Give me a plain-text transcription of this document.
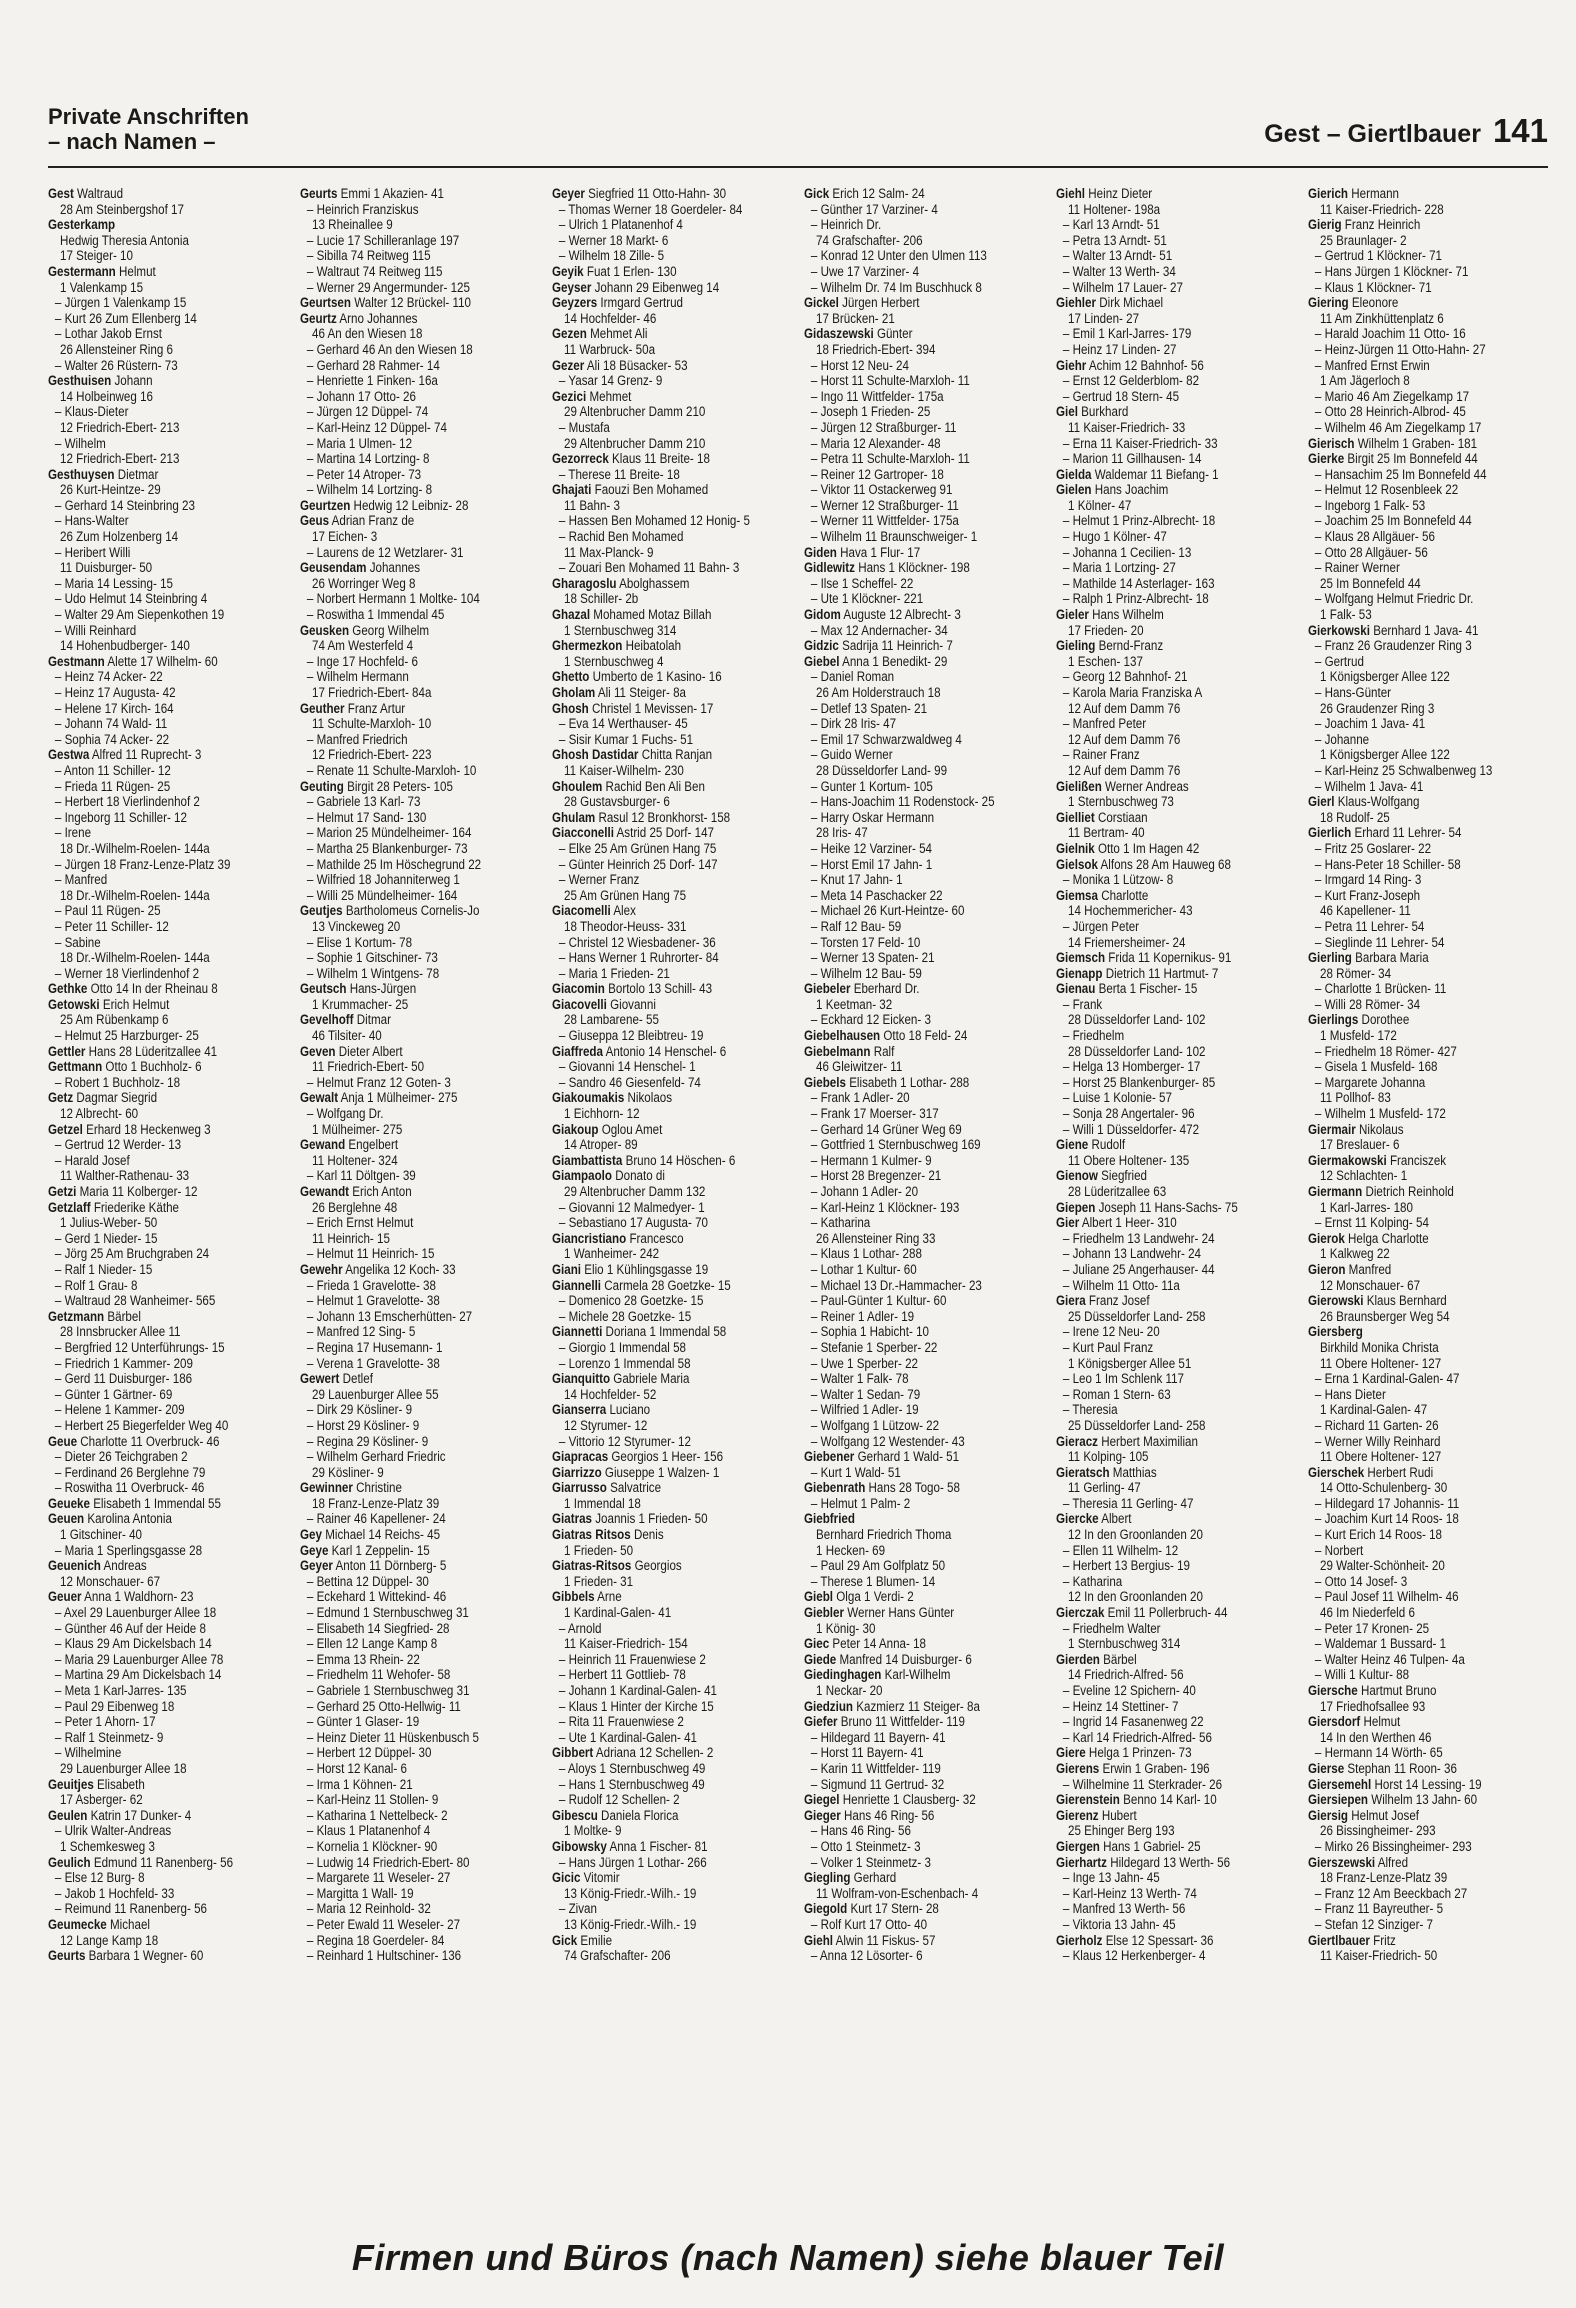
Private Anschriften
– nach Namen –	Gest – Giertlbauer 141
Gest Waltraud
28 Am Steinbergshof 17
Gesterkamp
Hedwig Theresia Antonia
17 Steiger- 10
Gestermann Helmut
1 Valenkamp 15
– Jürgen 1 Valenkamp 15
– Kurt 26 Zum Ellenberg 14
– Lothar Jakob Ernst
26 Allensteiner Ring 6
– Walter 26 Rüstern- 73
Gesthuisen Johann
14 Holbeinweg 16
– Klaus-Dieter
12 Friedrich-Ebert- 213
– Wilhelm
12 Friedrich-Ebert- 213
Gesthuysen Dietmar
26 Kurt-Heintze- 29
– Gerhard 14 Steinbring 23
– Hans-Walter
26 Zum Holzenberg 14
– Heribert Willi
11 Duisburger- 50
– Maria 14 Lessing- 15
– Udo Helmut 14 Steinbring 4
– Walter 29 Am Siepenkothen 19
– Willi Reinhard
14 Hohenbudberger- 140
Gestmann Alette 17 Wilhelm- 60
– Heinz 74 Acker- 22
– Heinz 17 Augusta- 42
– Helene 17 Kirch- 164
– Johann 74 Wald- 11
– Sophia 74 Acker- 22
Gestwa Alfred 11 Ruprecht- 3
– Anton 11 Schiller- 12
– Frieda 11 Rügen- 25
– Herbert 18 Vierlindenhof 2
– Ingeborg 11 Schiller- 12
– Irene
18 Dr.-Wilhelm-Roelen- 144a
– Jürgen 18 Franz-Lenze-Platz 39
– Manfred
18 Dr.-Wilhelm-Roelen- 144a
– Paul 11 Rügen- 25
– Peter 11 Schiller- 12
– Sabine
18 Dr.-Wilhelm-Roelen- 144a
– Werner 18 Vierlindenhof 2
Gethke Otto 14 In der Rheinau 8
Getowski Erich Helmut
25 Am Rübenkamp 6
– Helmut 25 Harzburger- 25
Gettler Hans 28 Lüderitzallee 41
Gettmann Otto 1 Buchholz- 6
– Robert 1 Buchholz- 18
Getz Dagmar Siegrid
12 Albrecht- 60
Getzel Erhard 18 Heckenweg 3
– Gertrud 12 Werder- 13
– Harald Josef
11 Walther-Rathenau- 33
Getzi Maria 11 Kolberger- 12
Getzlaff Friederike Käthe
1 Julius-Weber- 50
– Gerd 1 Nieder- 15
– Jörg 25 Am Bruchgraben 24
– Ralf 1 Nieder- 15
– Rolf 1 Grau- 8
– Waltraud 28 Wanheimer- 565
Getzmann Bärbel
28 Innsbrucker Allee 11
– Bergfried 12 Unterführungs- 15
– Friedrich 1 Kammer- 209
– Gerd 11 Duisburger- 186
– Günter 1 Gärtner- 69
– Helene 1 Kammer- 209
– Herbert 25 Biegerfelder Weg 40
Geue Charlotte 11 Overbruck- 46
– Dieter 26 Teichgraben 2
– Ferdinand 26 Berglehne 79
– Roswitha 11 Overbruck- 46
Geueke Elisabeth 1 Immendal 55
Geuen Karolina Antonia
1 Gitschiner- 40
– Maria 1 Sperlingsgasse 28
Geuenich Andreas
12 Monschauer- 67
Geuer Anna 1 Waldhorn- 23
– Axel 29 Lauenburger Allee 18
– Günther 46 Auf der Heide 8
– Klaus 29 Am Dickelsbach 14
– Maria 29 Lauenburger Allee 78
– Martina 29 Am Dickelsbach 14
– Meta 1 Karl-Jarres- 135
– Paul 29 Eibenweg 18
– Peter 1 Ahorn- 17
– Ralf 1 Steinmetz- 9
– Wilhelmine
29 Lauenburger Allee 18
Geuitjes Elisabeth
17 Asberger- 62
Geulen Katrin 17 Dunker- 4
– Ulrik Walter-Andreas
1 Schemkesweg 3
Geulich Edmund 11 Ranenberg- 56
– Else 12 Burg- 8
– Jakob 1 Hochfeld- 33
– Reimund 11 Ranenberg- 56
Geumecke Michael
12 Lange Kamp 18
Geurts Barbara 1 Wegner- 60
Geurts Emmi 1 Akazien- 41
– Heinrich Franziskus
13 Rheinallee 9
– Lucie 17 Schilleranlage 197
– Sibilla 74 Reitweg 115
– Waltraut 74 Reitweg 115
– Werner 29 Angermunder- 125
Geurtsen Walter 12 Brückel- 110
Geurtz Arno Johannes
46 An den Wiesen 18
– Gerhard 46 An den Wiesen 18
– Gerhard 28 Rahmer- 14
– Henriette 1 Finken- 16a
– Johann 17 Otto- 26
– Jürgen 12 Düppel- 74
– Karl-Heinz 12 Düppel- 74
– Maria 1 Ulmen- 12
– Martina 14 Lortzing- 8
– Peter 14 Atroper- 73
– Wilhelm 14 Lortzing- 8
Geurtzen Hedwig 12 Leibniz- 28
Geus Adrian Franz de
17 Eichen- 3
– Laurens de 12 Wetzlarer- 31
Geusendam Johannes
26 Worringer Weg 8
– Norbert Hermann 1 Moltke- 104
– Roswitha 1 Immendal 45
Geusken Georg Wilhelm
74 Am Westerfeld 4
– Inge 17 Hochfeld- 6
– Wilhelm Hermann
17 Friedrich-Ebert- 84a
Geuther Franz Artur
11 Schulte-Marxloh- 10
– Manfred Friedrich
12 Friedrich-Ebert- 223
– Renate 11 Schulte-Marxloh- 10
Geuting Birgit 28 Peters- 105
– Gabriele 13 Karl- 73
– Helmut 17 Sand- 130
– Marion 25 Mündelheimer- 164
– Martha 25 Blankenburger- 73
– Mathilde 25 Im Höschegrund 22
– Wilfried 18 Johanniterweg 1
– Willi 25 Mündelheimer- 164
Geutjes Bartholomeus Cornelis-Jo
13 Vinckeweg 20
– Elise 1 Kortum- 78
– Sophie 1 Gitschiner- 73
– Wilhelm 1 Wintgens- 78
Geutsch Hans-Jürgen
1 Krummacher- 25
Gevelhoff Ditmar
46 Tilsiter- 40
Geven Dieter Albert
11 Friedrich-Ebert- 50
– Helmut Franz 12 Goten- 3
Gewalt Anja 1 Mülheimer- 275
– Wolfgang Dr.
1 Mülheimer- 275
Gewand Engelbert
11 Holtener- 324
– Karl 11 Döltgen- 39
Gewandt Erich Anton
26 Berglehne 48
– Erich Ernst Helmut
11 Heinrich- 15
– Helmut 11 Heinrich- 15
Gewehr Angelika 12 Koch- 33
– Frieda 1 Gravelotte- 38
– Helmut 1 Gravelotte- 38
– Johann 13 Emscherhütten- 27
– Manfred 12 Sing- 5
– Regina 17 Husemann- 1
– Verena 1 Gravelotte- 38
Gewert Detlef
29 Lauenburger Allee 55
– Dirk 29 Kösliner- 9
– Horst 29 Kösliner- 9
– Regina 29 Kösliner- 9
– Wilhelm Gerhard Friedric
29 Kösliner- 9
Gewinner Christine
18 Franz-Lenze-Platz 39
– Rainer 46 Kapellener- 24
Gey Michael 14 Reichs- 45
Geye Karl 1 Zeppelin- 15
Geyer Anton 11 Dörnberg- 5
– Bettina 12 Düppel- 30
– Eckehard 1 Wittekind- 46
– Edmund 1 Sternbuschweg 31
– Elisabeth 14 Siegfried- 28
– Ellen 12 Lange Kamp 8
– Emma 13 Rhein- 22
– Friedhelm 11 Wehofer- 58
– Gabriele 1 Sternbuschweg 31
– Gerhard 25 Otto-Hellwig- 11
– Günter 1 Glaser- 19
– Heinz Dieter 11 Hüskenbusch 5
– Herbert 12 Düppel- 30
– Horst 12 Kanal- 6
– Irma 1 Köhnen- 21
– Karl-Heinz 11 Stollen- 9
– Katharina 1 Nettelbeck- 2
– Klaus 1 Platanenhof 4
– Kornelia 1 Klöckner- 90
– Ludwig 14 Friedrich-Ebert- 80
– Margarete 11 Weseler- 27
– Margitta 1 Wall- 19
– Maria 12 Reinhold- 32
– Peter Ewald 11 Weseler- 27
– Regina 18 Goerdeler- 84
– Reinhard 1 Hultschiner- 136
Geyer Siegfried 11 Otto-Hahn- 30
– Thomas Werner 18 Goerdeler- 84
– Ulrich 1 Platanenhof 4
– Werner 18 Markt- 6
– Wilhelm 18 Zille- 5
Geyik Fuat 1 Erlen- 130
Geyser Johann 29 Eibenweg 14
Geyzers Irmgard Gertrud
14 Hochfelder- 46
Gezen Mehmet Ali
11 Warbruck- 50a
Gezer Ali 18 Büsacker- 53
– Yasar 14 Grenz- 9
Gezici Mehmet
29 Altenbrucher Damm 210
– Mustafa
29 Altenbrucher Damm 210
Gezorreck Klaus 11 Breite- 18
– Therese 11 Breite- 18
Ghajati Faouzi Ben Mohamed
11 Bahn- 3
– Hassen Ben Mohamed 12 Honig- 5
– Rachid Ben Mohamed
11 Max-Planck- 9
– Zouari Ben Mohamed 11 Bahn- 3
Gharagoslu Abolghassem
18 Schiller- 2b
Ghazal Mohamed Motaz Billah
1 Sternbuschweg 314
Ghermezkon Heibatolah
1 Sternbuschweg 4
Ghetto Umberto de 1 Kasino- 16
Gholam Ali 11 Steiger- 8a
Ghosh Christel 1 Mevissen- 17
– Eva 14 Werthauser- 45
– Sisir Kumar 1 Fuchs- 51
Ghosh Dastidar Chitta Ranjan
11 Kaiser-Wilhelm- 230
Ghoulem Rachid Ben Ali Ben
28 Gustavsburger- 6
Ghulam Rasul 12 Bronkhorst- 158
Giacconelli Astrid 25 Dorf- 147
– Elke 25 Am Grünen Hang 75
– Günter Heinrich 25 Dorf- 147
– Werner Franz
25 Am Grünen Hang 75
Giacomelli Alex
18 Theodor-Heuss- 331
– Christel 12 Wiesbadener- 36
– Hans Werner 1 Ruhrorter- 84
– Maria 1 Frieden- 21
Giacomin Bortolo 13 Schill- 43
Giacovelli Giovanni
28 Lambarene- 55
– Giuseppa 12 Bleibtreu- 19
Giaffreda Antonio 14 Henschel- 6
– Giovanni 14 Henschel- 1
– Sandro 46 Giesenfeld- 74
Giakoumakis Nikolaos
1 Eichhorn- 12
Giakoup Oglou Amet
14 Atroper- 89
Giambattista Bruno 14 Höschen- 6
Giampaolo Donato di
29 Altenbrucher Damm 132
– Giovanni 12 Malmedyer- 1
– Sebastiano 17 Augusta- 70
Giancristiano Francesco
1 Wanheimer- 242
Giani Elio 1 Kühlingsgasse 19
Giannelli Carmela 28 Goetzke- 15
– Domenico 28 Goetzke- 15
– Michele 28 Goetzke- 15
Giannetti Doriana 1 Immendal 58
– Giorgio 1 Immendal 58
– Lorenzo 1 Immendal 58
Gianquitto Gabriele Maria
14 Hochfelder- 52
Gianserra Luciano
12 Styrumer- 12
– Vittorio 12 Styrumer- 12
Giapracas Georgios 1 Heer- 156
Giarrizzo Giuseppe 1 Walzen- 1
Giarrusso Salvatrice
1 Immendal 18
Giatras Joannis 1 Frieden- 50
Giatras Ritsos Denis
1 Frieden- 50
Giatras-Ritsos Georgios
1 Frieden- 31
Gibbels Arne
1 Kardinal-Galen- 41
– Arnold
11 Kaiser-Friedrich- 154
– Heinrich 11 Frauenwiese 2
– Herbert 11 Gottlieb- 78
– Johann 1 Kardinal-Galen- 41
– Klaus 1 Hinter der Kirche 15
– Rita 11 Frauenwiese 2
– Ute 1 Kardinal-Galen- 41
Gibbert Adriana 12 Schellen- 2
– Aloys 1 Sternbuschweg 49
– Hans 1 Sternbuschweg 49
– Rudolf 12 Schellen- 2
Gibescu Daniela Florica
1 Moltke- 9
Gibowsky Anna 1 Fischer- 81
– Hans Jürgen 1 Lothar- 266
Gicic Vitomir
13 König-Friedr.-Wilh.- 19
– Zivan
13 König-Friedr.-Wilh.- 19
Gick Emilie
74 Grafschafter- 206
Gick Erich 12 Salm- 24
– Günther 17 Varziner- 4
– Heinrich Dr.
74 Grafschafter- 206
– Konrad 12 Unter den Ulmen 113
– Uwe 17 Varziner- 4
– Wilhelm Dr. 74 Im Buschhuck 8
Gickel Jürgen Herbert
17 Brücken- 21
Gidaszewski Günter
18 Friedrich-Ebert- 394
– Horst 12 Neu- 24
– Horst 11 Schulte-Marxloh- 11
– Ingo 11 Wittfelder- 175a
– Joseph 1 Frieden- 25
– Jürgen 12 Straßburger- 11
– Maria 12 Alexander- 48
– Petra 11 Schulte-Marxloh- 11
– Reiner 12 Gartroper- 18
– Viktor 11 Ostackerweg 91
– Werner 12 Straßburger- 11
– Werner 11 Wittfelder- 175a
– Wilhelm 11 Braunschweiger- 1
Giden Hava 1 Flur- 17
Gidlewitz Hans 1 Klöckner- 198
– Ilse 1 Scheffel- 22
– Ute 1 Klöckner- 221
Gidom Auguste 12 Albrecht- 3
– Max 12 Andernacher- 34
Gidzic Sadrija 11 Heinrich- 7
Giebel Anna 1 Benedikt- 29
– Daniel Roman
26 Am Holderstrauch 18
– Detlef 13 Spaten- 21
– Dirk 28 Iris- 47
– Emil 17 Schwarzwaldweg 4
– Guido Werner
28 Düsseldorfer Land- 99
– Gunter 1 Kortum- 105
– Hans-Joachim 11 Rodenstock- 25
– Harry Oskar Hermann
28 Iris- 47
– Heike 12 Varziner- 54
– Horst Emil 17 Jahn- 1
– Knut 17 Jahn- 1
– Meta 14 Paschacker 22
– Michael 26 Kurt-Heintze- 60
– Ralf 12 Bau- 59
– Torsten 17 Feld- 10
– Werner 13 Spaten- 21
– Wilhelm 12 Bau- 59
Giebeler Eberhard Dr.
1 Keetman- 32
– Eckhard 12 Eicken- 3
Giebelhausen Otto 18 Feld- 24
Giebelmann Ralf
46 Gleiwitzer- 11
Giebels Elisabeth 1 Lothar- 288
– Frank 1 Adler- 20
– Frank 17 Moerser- 317
– Gerhard 14 Grüner Weg 69
– Gottfried 1 Sternbuschweg 169
– Hermann 1 Kulmer- 9
– Horst 28 Bregenzer- 21
– Johann 1 Adler- 20
– Karl-Heinz 1 Klöckner- 193
– Katharina
26 Allensteiner Ring 33
– Klaus 1 Lothar- 288
– Lothar 1 Kultur- 60
– Michael 13 Dr.-Hammacher- 23
– Paul-Günter 1 Kultur- 60
– Reiner 1 Adler- 19
– Sophia 1 Habicht- 10
– Stefanie 1 Sperber- 22
– Uwe 1 Sperber- 22
– Walter 1 Falk- 78
– Walter 1 Sedan- 79
– Wilfried 1 Adler- 19
– Wolfgang 1 Lützow- 22
– Wolfgang 12 Westender- 43
Giebener Gerhard 1 Wald- 51
– Kurt 1 Wald- 51
Giebenrath Hans 28 Togo- 58
– Helmut 1 Palm- 2
Giebfried
Bernhard Friedrich Thoma
1 Hecken- 69
– Paul 29 Am Golfplatz 50
– Therese 1 Blumen- 14
Giebl Olga 1 Verdi- 2
Giebler Werner Hans Günter
1 König- 30
Giec Peter 14 Anna- 18
Giede Manfred 14 Duisburger- 6
Giedinghagen Karl-Wilhelm
1 Neckar- 20
Giedziun Kazmierz 11 Steiger- 8a
Giefer Bruno 11 Wittfelder- 119
– Hildegard 11 Bayern- 41
– Horst 11 Bayern- 41
– Karin 11 Wittfelder- 119
– Sigmund 11 Gertrud- 32
Giegel Henriette 1 Clausberg- 32
Gieger Hans 46 Ring- 56
– Hans 46 Ring- 56
– Otto 1 Steinmetz- 3
– Volker 1 Steinmetz- 3
Giegling Gerhard
11 Wolfram-von-Eschenbach- 4
Giegold Kurt 17 Stern- 28
– Rolf Kurt 17 Otto- 40
Giehl Alwin 11 Fiskus- 57
– Anna 12 Lösorter- 6
Giehl Heinz Dieter
11 Holtener- 198a
– Karl 13 Arndt- 51
– Petra 13 Arndt- 51
– Walter 13 Arndt- 51
– Walter 13 Werth- 34
– Wilhelm 17 Lauer- 27
Giehler Dirk Michael
17 Linden- 27
– Emil 1 Karl-Jarres- 179
– Heinz 17 Linden- 27
Giehr Achim 12 Bahnhof- 56
– Ernst 12 Gelderblom- 82
– Gertrud 18 Stern- 45
Giel Burkhard
11 Kaiser-Friedrich- 33
– Erna 11 Kaiser-Friedrich- 33
– Marion 11 Gillhausen- 14
Gielda Waldemar 11 Biefang- 1
Gielen Hans Joachim
1 Kölner- 47
– Helmut 1 Prinz-Albrecht- 18
– Hugo 1 Kölner- 47
– Johanna 1 Cecilien- 13
– Maria 1 Lortzing- 27
– Mathilde 14 Asterlager- 163
– Ralph 1 Prinz-Albrecht- 18
Gieler Hans Wilhelm
17 Frieden- 20
Gieling Bernd-Franz
1 Eschen- 137
– Georg 12 Bahnhof- 21
– Karola Maria Franziska A
12 Auf dem Damm 76
– Manfred Peter
12 Auf dem Damm 76
– Rainer Franz
12 Auf dem Damm 76
Gielißen Werner Andreas
1 Sternbuschweg 73
Gielliet Corstiaan
11 Bertram- 40
Gielnik Otto 1 Im Hagen 42
Gielsok Alfons 28 Am Hauweg 68
– Monika 1 Lützow- 8
Giemsa Charlotte
14 Hochemmericher- 43
– Jürgen Peter
14 Friemersheimer- 24
Giemsch Frida 11 Kopernikus- 91
Gienapp Dietrich 11 Hartmut- 7
Gienau Berta 1 Fischer- 15
– Frank
28 Düsseldorfer Land- 102
– Friedhelm
28 Düsseldorfer Land- 102
– Helga 13 Homberger- 17
– Horst 25 Blankenburger- 85
– Luise 1 Kolonie- 57
– Sonja 28 Angertaler- 96
– Willi 1 Düsseldorfer- 472
Giene Rudolf
11 Obere Holtener- 135
Gienow Siegfried
28 Lüderitzallee 63
Giepen Joseph 11 Hans-Sachs- 75
Gier Albert 1 Heer- 310
– Friedhelm 13 Landwehr- 24
– Johann 13 Landwehr- 24
– Juliane 25 Angerhauser- 44
– Wilhelm 11 Otto- 11a
Giera Franz Josef
25 Düsseldorfer Land- 258
– Irene 12 Neu- 20
– Kurt Paul Franz
1 Königsberger Allee 51
– Leo 1 Im Schlenk 117
– Roman 1 Stern- 63
– Theresia
25 Düsseldorfer Land- 258
Gieracz Herbert Maximilian
11 Kolping- 105
Gieratsch Matthias
11 Gerling- 47
– Theresia 11 Gerling- 47
Giercke Albert
12 In den Groonlanden 20
– Ellen 11 Wilhelm- 12
– Herbert 13 Bergius- 19
– Katharina
12 In den Groonlanden 20
Gierczak Emil 11 Pollerbruch- 44
– Friedhelm Walter
1 Sternbuschweg 314
Gierden Bärbel
14 Friedrich-Alfred- 56
– Eveline 12 Spichern- 40
– Heinz 14 Stettiner- 7
– Ingrid 14 Fasanenweg 22
– Karl 14 Friedrich-Alfred- 56
Giere Helga 1 Prinzen- 73
Gierens Erwin 1 Graben- 196
– Wilhelmine 11 Sterkrader- 26
Gierenstein Benno 14 Karl- 10
Gierenz Hubert
25 Ehinger Berg 193
Giergen Hans 1 Gabriel- 25
Gierhartz Hildegard 13 Werth- 56
– Inge 13 Jahn- 45
– Karl-Heinz 13 Werth- 74
– Manfred 13 Werth- 56
– Viktoria 13 Jahn- 45
Gierholz Else 12 Spessart- 36
– Klaus 12 Herkenberger- 4
Gierich Hermann
11 Kaiser-Friedrich- 228
Gierig Franz Heinrich
25 Braunlager- 2
– Gertrud 1 Klöckner- 71
– Hans Jürgen 1 Klöckner- 71
– Klaus 1 Klöckner- 71
Giering Eleonore
11 Am Zinkhüttenplatz 6
– Harald Joachim 11 Otto- 16
– Heinz-Jürgen 11 Otto-Hahn- 27
– Manfred Ernst Erwin
1 Am Jägerloch 8
– Mario 46 Am Ziegelkamp 17
– Otto 28 Heinrich-Albrod- 45
– Wilhelm 46 Am Ziegelkamp 17
Gierisch Wilhelm 1 Graben- 181
Gierke Birgit 25 Im Bonnefeld 44
– Hansachim 25 Im Bonnefeld 44
– Helmut 12 Rosenbleek 22
– Ingeborg 1 Falk- 53
– Joachim 25 Im Bonnefeld 44
– Klaus 28 Allgäuer- 56
– Otto 28 Allgäuer- 56
– Rainer Werner
25 Im Bonnefeld 44
– Wolfgang Helmut Friedric Dr.
1 Falk- 53
Gierkowski Bernhard 1 Java- 41
– Franz 26 Graudenzer Ring 3
– Gertrud
1 Königsberger Allee 122
– Hans-Günter
26 Graudenzer Ring 3
– Joachim 1 Java- 41
– Johanne
1 Königsberger Allee 122
– Karl-Heinz 25 Schwalbenweg 13
– Wilhelm 1 Java- 41
Gierl Klaus-Wolfgang
18 Rudolf- 25
Gierlich Erhard 11 Lehrer- 54
– Fritz 25 Goslarer- 22
– Hans-Peter 18 Schiller- 58
– Irmgard 14 Ring- 3
– Kurt Franz-Joseph
46 Kapellener- 11
– Petra 11 Lehrer- 54
– Sieglinde 11 Lehrer- 54
Gierling Barbara Maria
28 Römer- 34
– Charlotte 1 Brücken- 11
– Willi 28 Römer- 34
Gierlings Dorothee
1 Musfeld- 172
– Friedhelm 18 Römer- 427
– Gisela 1 Musfeld- 168
– Margarete Johanna
11 Pollhof- 83
– Wilhelm 1 Musfeld- 172
Giermair Nikolaus
17 Breslauer- 6
Giermakowski Franciszek
12 Schlachten- 1
Giermann Dietrich Reinhold
1 Karl-Jarres- 180
– Ernst 11 Kolping- 54
Gierok Helga Charlotte
1 Kalkweg 22
Gieron Manfred
12 Monschauer- 67
Gierowski Klaus Bernhard
26 Braunsberger Weg 54
Giersberg
Birkhild Monika Christa
11 Obere Holtener- 127
– Erna 1 Kardinal-Galen- 47
– Hans Dieter
1 Kardinal-Galen- 47
– Richard 11 Garten- 26
– Werner Willy Reinhard
11 Obere Holtener- 127
Gierschek Herbert Rudi
14 Otto-Schulenberg- 30
– Hildegard 17 Johannis- 11
– Joachim Kurt 14 Roos- 18
– Kurt Erich 14 Roos- 18
– Norbert
29 Walter-Schönheit- 20
– Otto 14 Josef- 3
– Paul Josef 11 Wilhelm- 46
46 Im Niederfeld 6
– Peter 17 Kronen- 25
– Waldemar 1 Bussard- 1
– Walter Heinz 46 Tulpen- 4a
– Willi 1 Kultur- 88
Giersche Hartmut Bruno
17 Friedhofsallee 93
Giersdorf Helmut
14 In den Werthen 46
– Hermann 14 Wörth- 65
Gierse Stephan 11 Roon- 36
Giersemehl Horst 14 Lessing- 19
Giersiepen Wilhelm 13 Jahn- 60
Giersig Helmut Josef
26 Bissingheimer- 293
– Mirko 26 Bissingheimer- 293
Gierszewski Alfred
18 Franz-Lenze-Platz 39
– Franz 12 Am Beeckbach 27
– Franz 11 Bayreuther- 5
– Stefan 12 Sinziger- 7
Giertlbauer Fritz
11 Kaiser-Friedrich- 50
Firmen und Büros (nach Namen) siehe blauer Teil
